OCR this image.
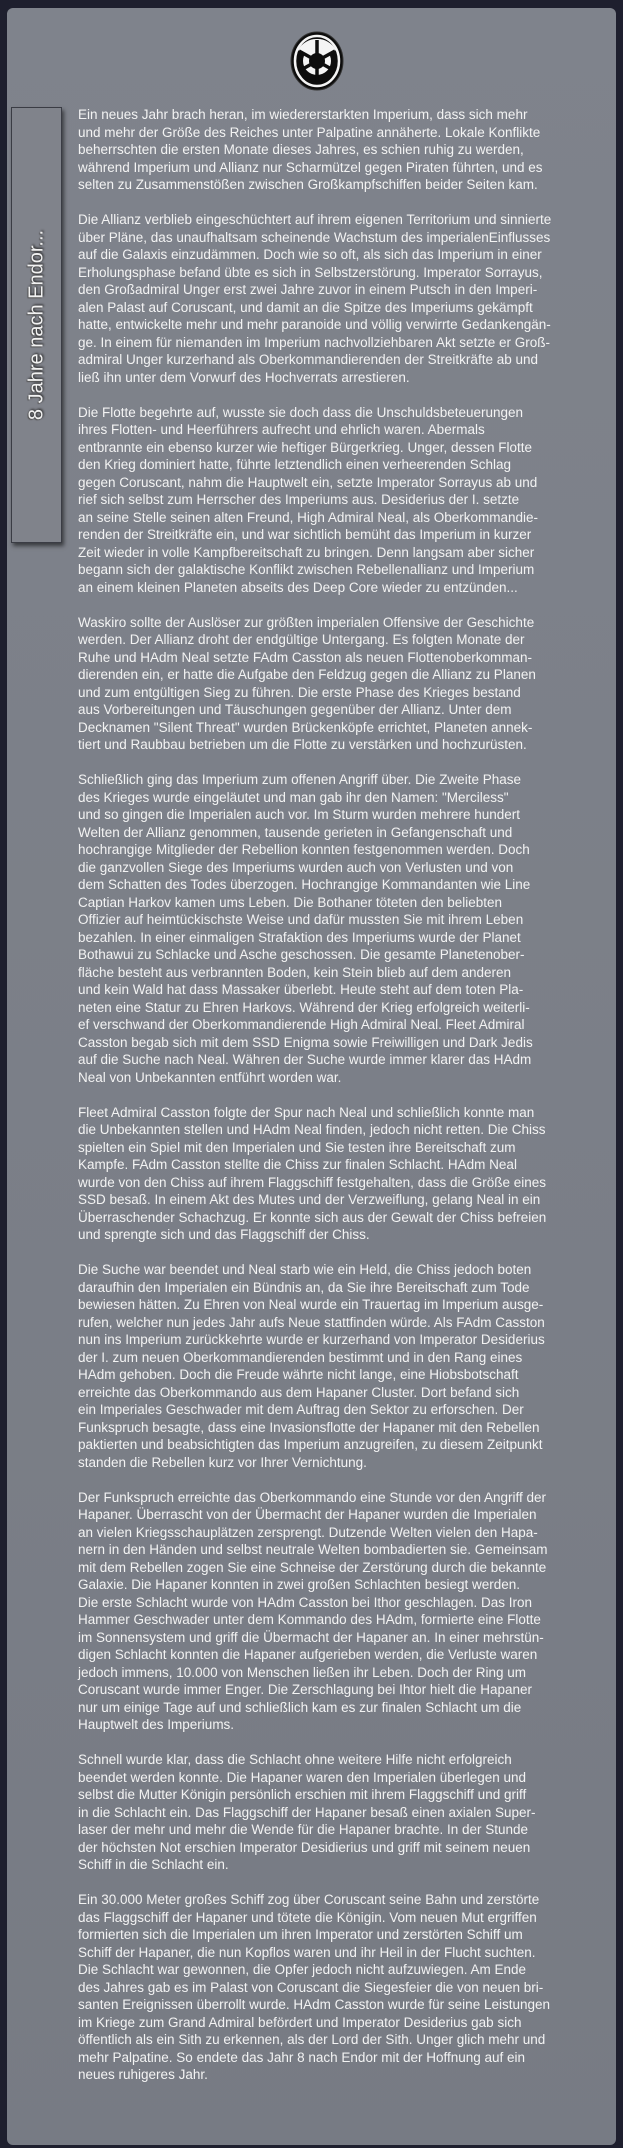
8 Jahre nach Endor...
Ein neues Jahr brach heran, im wiedererstarkten Imperium, dass sich mehr
und mehr der Größe des Reiches unter Palpatine annäherte. Lokale Konflikte
beherrschten die ersten Monate dieses Jahres, es schien ruhig zu werden,
während Imperium und Allianz nur Scharmützel gegen Piraten führten, und es
selten zu Zusammenstößen zwischen Großkampfschiffen beider Seiten kam.
Die Allianz verblieb eingeschüchtert auf ihrem eigenen Territorium und sinnierte
über Pläne, das unaufhaltsam scheinende Wachstum des imperialenEinflusses
auf die Galaxis einzudämmen. Doch wie so oft, als sich das Imperium in einer
Erholungsphase befand übte es sich in Selbstzerstörung. Imperator Sorrayus,
den Großadmiral Unger erst zwei Jahre zuvor in einem Putsch in den Imperi-
alen Palast auf Coruscant, und damit an die Spitze des Imperiums gekämpft
hatte, entwickelte mehr und mehr paranoide und völlig verwirrte Gedankengän-
ge. In einem für niemanden im Imperium nachvollziehbaren Akt setzte er Groß-
admiral Unger kurzerhand als Oberkommandierenden der Streitkräfte ab und
ließ ihn unter dem Vorwurf des Hochverrats arrestieren.
Die Flotte begehrte auf, wusste sie doch dass die Unschuldsbeteuerungen
ihres Flotten- und Heerführers aufrecht und ehrlich waren. Abermals
entbrannte ein ebenso kurzer wie heftiger Bürgerkrieg. Unger, dessen Flotte
den Krieg dominiert hatte, führte letztendlich einen verheerenden Schlag
gegen Coruscant, nahm die Hauptwelt ein, setzte Imperator Sorrayus ab und
rief sich selbst zum Herrscher des Imperiums aus. Desiderius der I. setzte
an seine Stelle seinen alten Freund, High Admiral Neal, als Oberkommandie-
renden der Streitkräfte ein, und war sichtlich bemüht das Imperium in kurzer
Zeit wieder in volle Kampfbereitschaft zu bringen. Denn langsam aber sicher
begann sich der galaktische Konflikt zwischen Rebellenallianz und Imperium
an einem kleinen Planeten abseits des Deep Core wieder zu entzünden...
Waskiro sollte der Auslöser zur größten imperialen Offensive der Geschichte
werden. Der Allianz droht der endgültige Untergang. Es folgten Monate der
Ruhe und HAdm Neal setzte FAdm Casston als neuen Flottenoberkomman-
dierenden ein, er hatte die Aufgabe den Feldzug gegen die Allianz zu Planen
und zum entgültigen Sieg zu führen. Die erste Phase des Krieges bestand
aus Vorbereitungen und Täuschungen gegenüber der Allianz. Unter dem
Decknamen "Silent Threat" wurden Brückenköpfe errichtet, Planeten annek-
tiert und Raubbau betrieben um die Flotte zu verstärken und hochzurüsten.
Schließlich ging das Imperium zum offenen Angriff über. Die Zweite Phase
des Krieges wurde eingeläutet und man gab ihr den Namen: "Merciless"
und so gingen die Imperialen auch vor. Im Sturm wurden mehrere hundert
Welten der Allianz genommen, tausende gerieten in Gefangenschaft und
hochrangige Mitglieder der Rebellion konnten festgenommen werden. Doch
die ganzvollen Siege des Imperiums wurden auch von Verlusten und von
dem Schatten des Todes überzogen. Hochrangige Kommandanten wie Line
Captian Harkov kamen ums Leben. Die Bothaner töteten den beliebten
Offizier auf heimtückischste Weise und dafür mussten Sie mit ihrem Leben
bezahlen. In einer einmaligen Strafaktion des Imperiums wurde der Planet
Bothawui zu Schlacke und Asche geschossen. Die gesamte Planetenober-
fläche besteht aus verbrannten Boden, kein Stein blieb auf dem anderen
und kein Wald hat dass Massaker überlebt. Heute steht auf dem toten Pla-
neten eine Statur zu Ehren Harkovs. Während der Krieg erfolgreich weiterli-
ef verschwand der Oberkommandierende High Admiral Neal. Fleet Admiral
Casston begab sich mit dem SSD Enigma sowie Freiwilligen und Dark Jedis
auf die Suche nach Neal. Währen der Suche wurde immer klarer das HAdm
Neal von Unbekannten entführt worden war.
Fleet Admiral Casston folgte der Spur nach Neal und schließlich konnte man
die Unbekannten stellen und HAdm Neal finden, jedoch nicht retten. Die Chiss
spielten ein Spiel mit den Imperialen und Sie testen ihre Bereitschaft zum
Kampfe. FAdm Casston stellte die Chiss zur finalen Schlacht. HAdm Neal
wurde von den Chiss auf ihrem Flaggschiff festgehalten, dass die Größe eines
SSD besaß. In einem Akt des Mutes und der Verzweiflung, gelang Neal in ein
Überraschender Schachzug. Er konnte sich aus der Gewalt der Chiss befreien
und sprengte sich und das Flaggschiff der Chiss.
Die Suche war beendet und Neal starb wie ein Held, die Chiss jedoch boten
daraufhin den Imperialen ein Bündnis an, da Sie ihre Bereitschaft zum Tode
bewiesen hätten. Zu Ehren von Neal wurde ein Trauertag im Imperium ausge-
rufen, welcher nun jedes Jahr aufs Neue stattfinden würde. Als FAdm Casston
nun ins Imperium zurückkehrte wurde er kurzerhand von Imperator Desiderius
der I. zum neuen Oberkommandierenden bestimmt und in den Rang eines
HAdm gehoben. Doch die Freude währte nicht lange, eine Hiobsbotschaft
erreichte das Oberkommando aus dem Hapaner Cluster. Dort befand sich
ein Imperiales Geschwader mit dem Auftrag den Sektor zu erforschen. Der
Funkspruch besagte, dass eine Invasionsflotte der Hapaner mit den Rebellen
paktierten und beabsichtigten das Imperium anzugreifen, zu diesem Zeitpunkt
standen die Rebellen kurz vor Ihrer Vernichtung.
Der Funkspruch erreichte das Oberkommando eine Stunde vor den Angriff der
Hapaner. Überrascht von der Übermacht der Hapaner wurden die Imperialen
an vielen Kriegsschauplätzen zersprengt. Dutzende Welten vielen den Hapa-
nern in den Händen und selbst neutrale Welten bombadierten sie. Gemeinsam
mit dem Rebellen zogen Sie eine Schneise der Zerstörung durch die bekannte
Galaxie. Die Hapaner konnten in zwei großen Schlachten besiegt werden.
Die erste Schlacht wurde von HAdm Casston bei Ithor geschlagen. Das Iron
Hammer Geschwader unter dem Kommando des HAdm, formierte eine Flotte
im Sonnensystem und griff die Übermacht der Hapaner an. In einer mehrstün-
digen Schlacht konnten die Hapaner aufgerieben werden, die Verluste waren
jedoch immens, 10.000 von Menschen ließen ihr Leben. Doch der Ring um
Coruscant wurde immer Enger. Die Zerschlagung bei Ihtor hielt die Hapaner
nur um einige Tage auf und schließlich kam es zur finalen Schlacht um die
Hauptwelt des Imperiums.
Schnell wurde klar, dass die Schlacht ohne weitere Hilfe nicht erfolgreich
beendet werden konnte. Die Hapaner waren den Imperialen überlegen und
selbst die Mutter Königin persönlich erschien mit ihrem Flaggschiff und griff
in die Schlacht ein. Das Flaggschiff der Hapaner besaß einen axialen Super-
laser der mehr und mehr die Wende für die Hapaner brachte. In der Stunde
der höchsten Not erschien Imperator Desidierius und griff mit seinem neuen
Schiff in die Schlacht ein.
Ein 30.000 Meter großes Schiff zog über Coruscant seine Bahn und zerstörte
das Flaggschiff der Hapaner und tötete die Königin. Vom neuen Mut ergriffen
formierten sich die Imperialen um ihren Imperator und zerstörten Schiff um
Schiff der Hapaner, die nun Kopflos waren und ihr Heil in der Flucht suchten.
Die Schlacht war gewonnen, die Opfer jedoch nicht aufzuwiegen. Am Ende
des Jahres gab es im Palast von Coruscant die Siegesfeier die von neuen bri-
santen Ereignissen überrollt wurde. HAdm Casston wurde für seine Leistungen
im Kriege zum Grand Admiral befördert und Imperator Desiderius gab sich
öffentlich als ein Sith zu erkennen, als der Lord der Sith. Unger glich mehr und
mehr Palpatine. So endete das Jahr 8 nach Endor mit der Hoffnung auf ein
neues ruhigeres Jahr.
